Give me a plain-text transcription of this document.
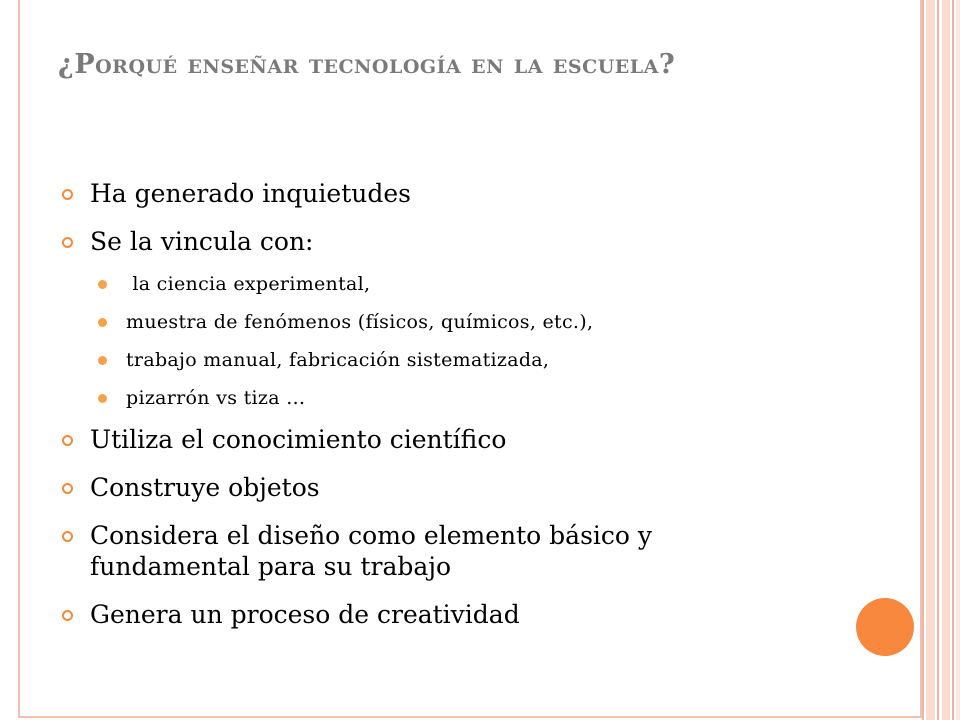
¿Porqué enseñar tecnología en la escuela?
Ha generado inquietudes
Se la vincula con:
la ciencia experimental,
muestra de fenómenos (físicos, químicos, etc.),
trabajo manual, fabricación sistematizada,
pizarrón vs tiza …
Utiliza el conocimiento científico
Construye objetos
Considera el diseño como elemento básico y fundamental para su trabajo
Genera un proceso de creatividad
